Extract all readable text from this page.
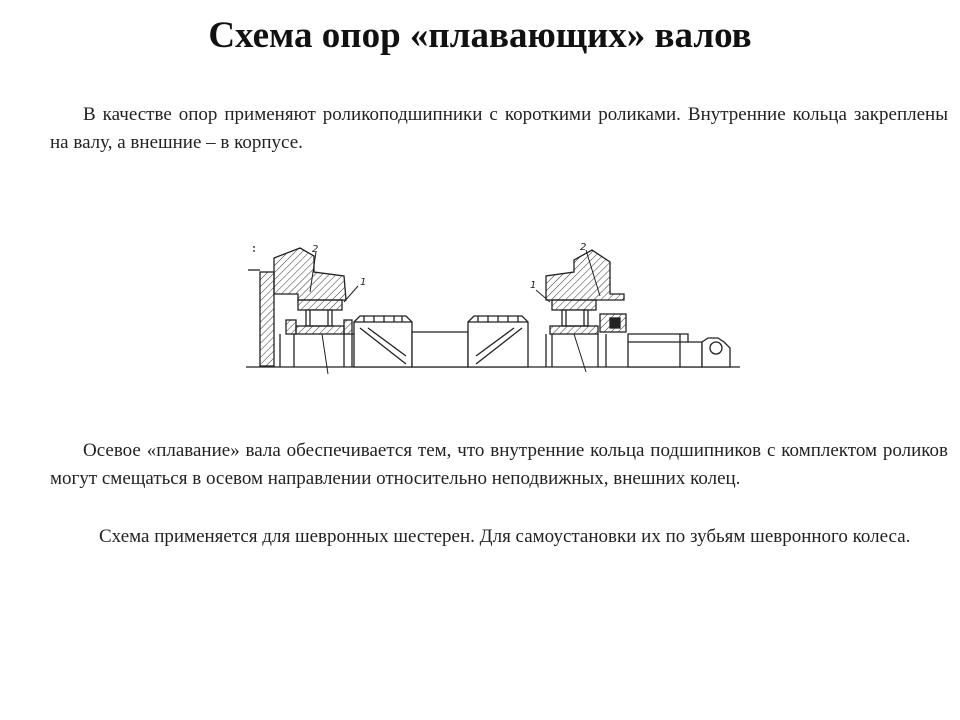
Схема опор «плавающих» валов

В качестве опор применяют роликоподшипники с короткими роликами. Внутренние кольца закреплены на валу, а внешние – в корпусе.

2
1	1
2

Осевое «плавание» вала обеспечивается тем, что внутренние кольца подшипников с комплектом роликов могут смещаться в осевом направлении относительно неподвижных, внешних колец.

Схема применяется для шевронных шестерен. Для самоустановки их по зубьям шевронного колеса.
